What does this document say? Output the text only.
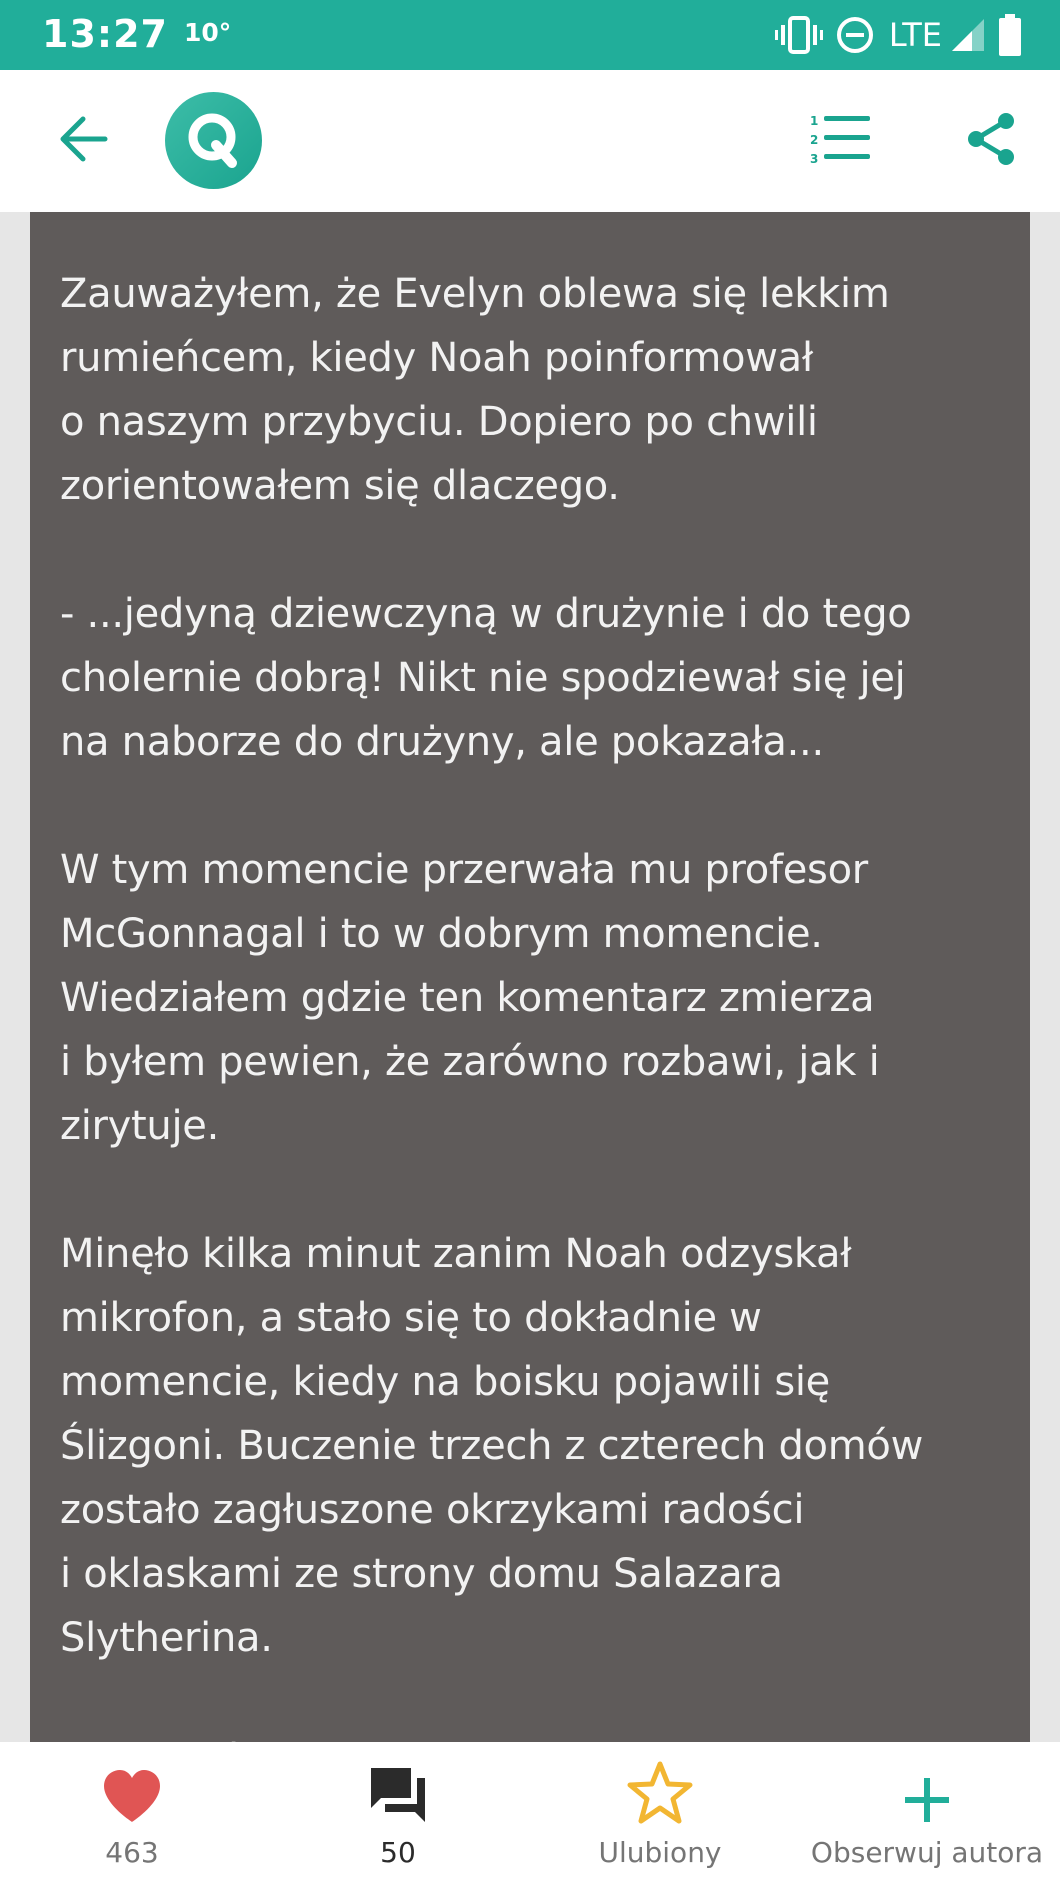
13:27 10°	LTE
1
2
3

Zauważyłem, że Evelyn oblewa się lekkim
rumieńcem, kiedy Noah poinformował
o naszym przybyciu. Dopiero po chwili
zorientowałem się dlaczego.

- ...jedyną dziewczyną w drużynie i do tego
cholernie dobrą! Nikt nie spodziewał się jej
na naborze do drużyny, ale pokazała...

W tym momencie przerwała mu profesor
McGonnagal i to w dobrym momencie.
Wiedziałem gdzie ten komentarz zmierza
i byłem pewien, że zarówno rozbawi, jak i
zirytuje.

Minęło kilka minut zanim Noah odzyskał
mikrofon, a stało się to dokładnie w
momencie, kiedy na boisku pojawili się
Ślizgoni. Buczenie trzech z czterech domów
zostało zagłuszone okrzykami radości
i oklaskami ze strony domu Salazara
Slytherina.

463	50	Ulubiony	Obserwuj autora
